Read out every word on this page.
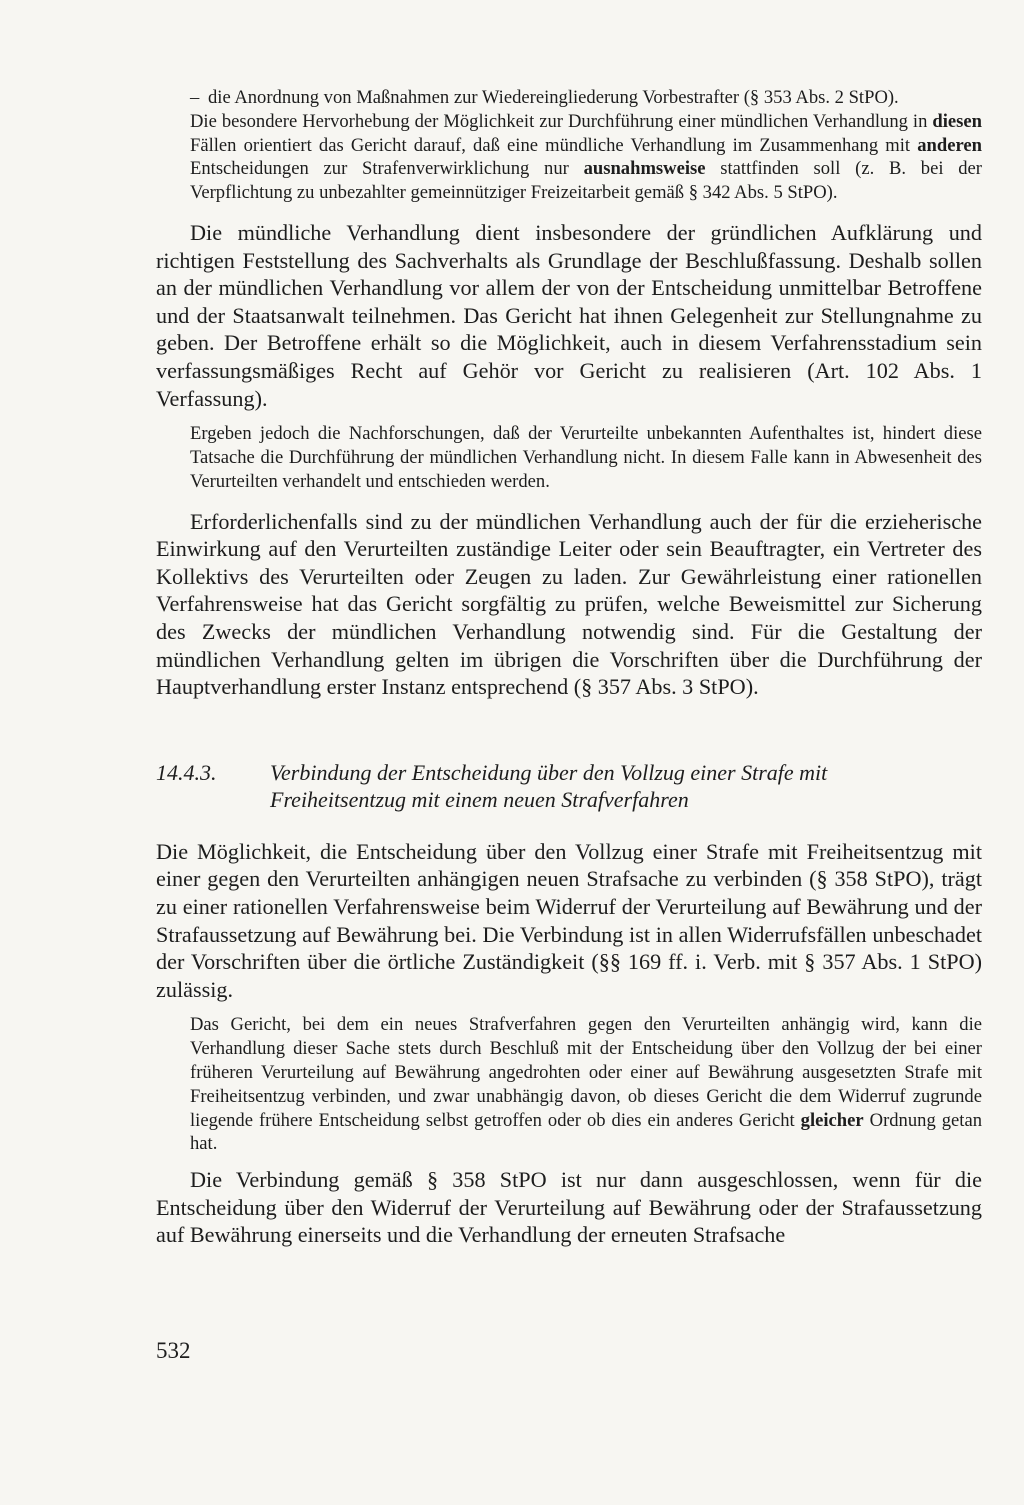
– die Anordnung von Maßnahmen zur Wiedereingliederung Vorbestrafter (§ 353 Abs. 2 StPO).

Die besondere Hervorhebung der Möglichkeit zur Durchführung einer mündlichen Verhandlung in diesen Fällen orientiert das Gericht darauf, daß eine mündliche Verhandlung im Zusammenhang mit anderen Entscheidungen zur Strafenverwirklichung nur ausnahmsweise stattfinden soll (z. B. bei der Verpflichtung zu unbezahlter gemeinnütziger Freizeitarbeit gemäß § 342 Abs. 5 StPO).

Die mündliche Verhandlung dient insbesondere der gründlichen Aufklärung und richtigen Feststellung des Sachverhalts als Grundlage der Beschlußfassung. Deshalb sollen an der mündlichen Verhandlung vor allem der von der Entscheidung unmittelbar Betroffene und der Staatsanwalt teilnehmen. Das Gericht hat ihnen Gelegenheit zur Stellungnahme zu geben. Der Betroffene erhält so die Möglichkeit, auch in diesem Verfahrensstadium sein verfassungsmäßiges Recht auf Gehör vor Gericht zu realisieren (Art. 102 Abs. 1 Verfassung).

Ergeben jedoch die Nachforschungen, daß der Verurteilte unbekannten Aufenthaltes ist, hindert diese Tatsache die Durchführung der mündlichen Verhandlung nicht. In diesem Falle kann in Abwesenheit des Verurteilten verhandelt und entschieden werden.

Erforderlichenfalls sind zu der mündlichen Verhandlung auch der für die erzieherische Einwirkung auf den Verurteilten zuständige Leiter oder sein Beauftragter, ein Vertreter des Kollektivs des Verurteilten oder Zeugen zu laden. Zur Gewährleistung einer rationellen Verfahrensweise hat das Gericht sorgfältig zu prüfen, welche Beweismittel zur Sicherung des Zwecks der mündlichen Verhandlung notwendig sind. Für die Gestaltung der mündlichen Verhandlung gelten im übrigen die Vorschriften über die Durchführung der Hauptverhandlung erster Instanz entsprechend (§ 357 Abs. 3 StPO).

14.4.3. Verbindung der Entscheidung über den Vollzug einer Strafe mit Freiheitsentzug mit einem neuen Strafverfahren

Die Möglichkeit, die Entscheidung über den Vollzug einer Strafe mit Freiheitsentzug mit einer gegen den Verurteilten anhängigen neuen Strafsache zu verbinden (§ 358 StPO), trägt zu einer rationellen Verfahrensweise beim Widerruf der Verurteilung auf Bewährung und der Strafaussetzung auf Bewährung bei. Die Verbindung ist in allen Widerrufsfällen unbeschadet der Vorschriften über die örtliche Zuständigkeit (§§ 169 ff. i. Verb. mit § 357 Abs. 1 StPO) zulässig.

Das Gericht, bei dem ein neues Strafverfahren gegen den Verurteilten anhängig wird, kann die Verhandlung dieser Sache stets durch Beschluß mit der Entscheidung über den Vollzug der bei einer früheren Verurteilung auf Bewährung angedrohten oder einer auf Bewährung ausgesetzten Strafe mit Freiheitsentzug verbinden, und zwar unabhängig davon, ob dieses Gericht die dem Widerruf zugrunde liegende frühere Entscheidung selbst getroffen oder ob dies ein anderes Gericht gleicher Ordnung getan hat.

Die Verbindung gemäß § 358 StPO ist nur dann ausgeschlossen, wenn für die Entscheidung über den Widerruf der Verurteilung auf Bewährung oder der Strafaussetzung auf Bewährung einerseits und die Verhandlung der erneuten Strafsache

532
